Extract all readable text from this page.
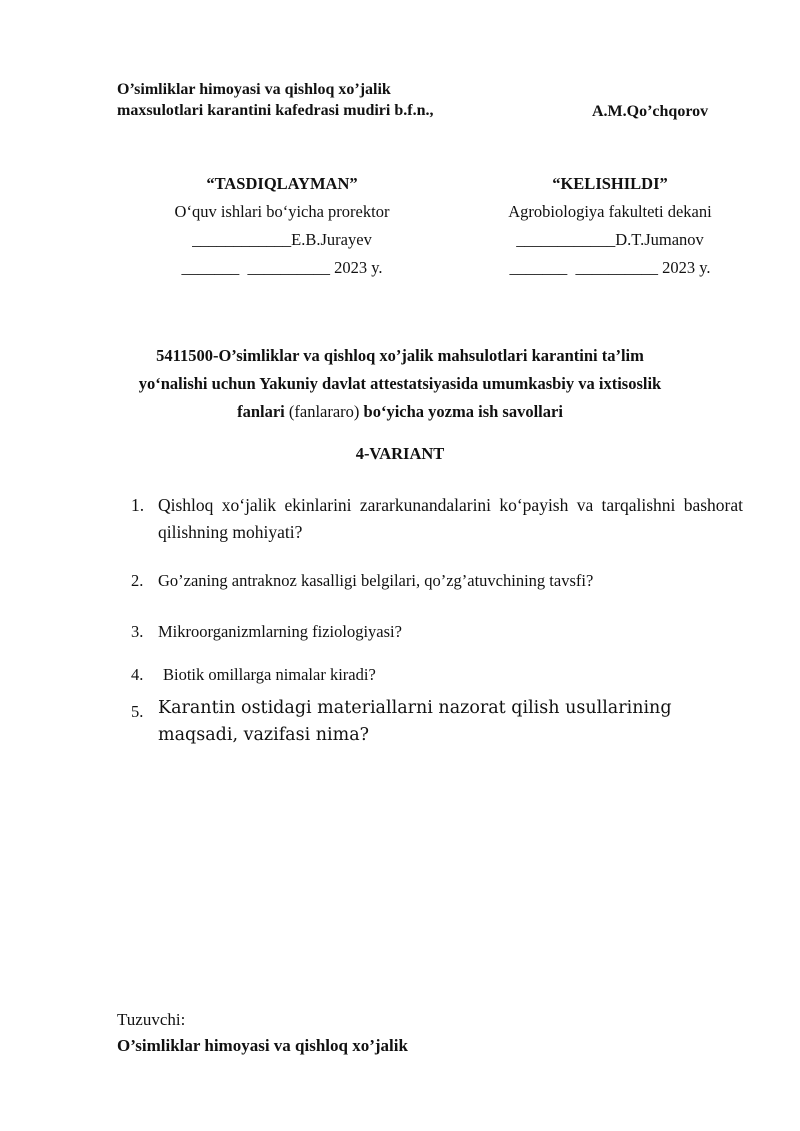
O’simliklar himoyasi va qishloq xo’jalik
maxsulotlari karantini kafedrasi mudiri b.f.n.,	A.M.Qo’chqorov
“TASDIQLAYMAN”
O‘quv ishlari bo‘yicha prorektor
____________E.B.Jurayev
_______  __________ 2023 y.
“KELISHILDI”
Agrobiologiya fakulteti dekani
____________D.T.Jumanov
_______  __________ 2023 y.
5411500-O’simliklar va qishloq xo’jalik mahsulotlari karantini ta’lim
yo‘nalishi uchun Yakuniy davlat attestatsiyasida umumkasbiy va ixtisoslik
fanlari (fanlararo) bo‘yicha yozma ish savollari
4-VARIANT
1. Qishloq xo‘jalik ekinlarini zararkunandalarini ko‘payish va tarqalishni bashorat qilishning mohiyati?
2. Go’zaning antraknoz kasalligi belgilari, qo’zg’atuvchining tavsfi?
3. Mikroorganizmlarning fiziologiyasi?
4. Biotik omillarga nimalar kiradi?
5. Karantin ostidagi materiallarni nazorat qilish usullarining maqsadi, vazifasi nima?
Tuzuvchi:
O’simliklar himoyasi va qishloq xo’jalik
